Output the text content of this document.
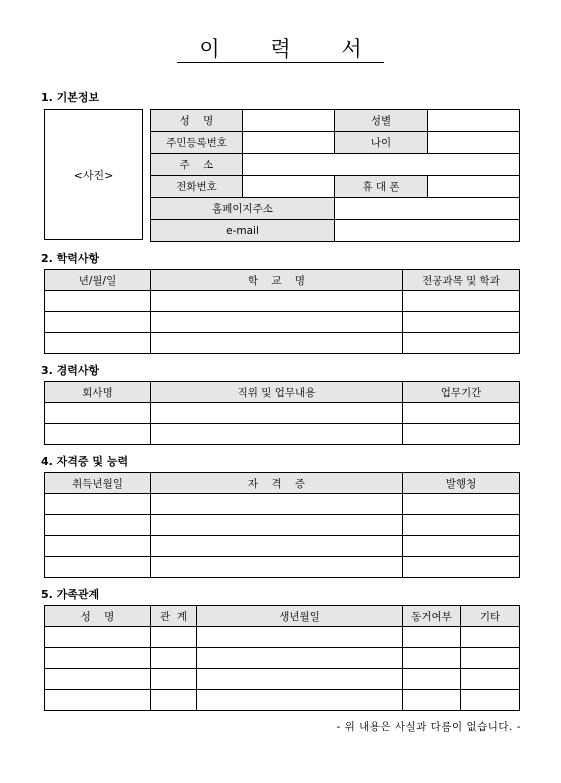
이 력 서
1. 기본정보
<사진>
성    명		성별	
주민등록번호		나이	
주    소			
전화번호		휴 대 폰	
홈페이지주소			
e-mail			
2. 학력사항
년/월/일	학    교    명	전공과목 및 학과

3. 경력사항
회사명	직위 및 업무내용	업무기간

4. 자격증 및 능력
취득년월일	자    격    증	발행청

5. 가족관계
성    명	관  계	생년월일	동거여부	기타

- 위 내용은 사실과 다름이 없습니다. -
